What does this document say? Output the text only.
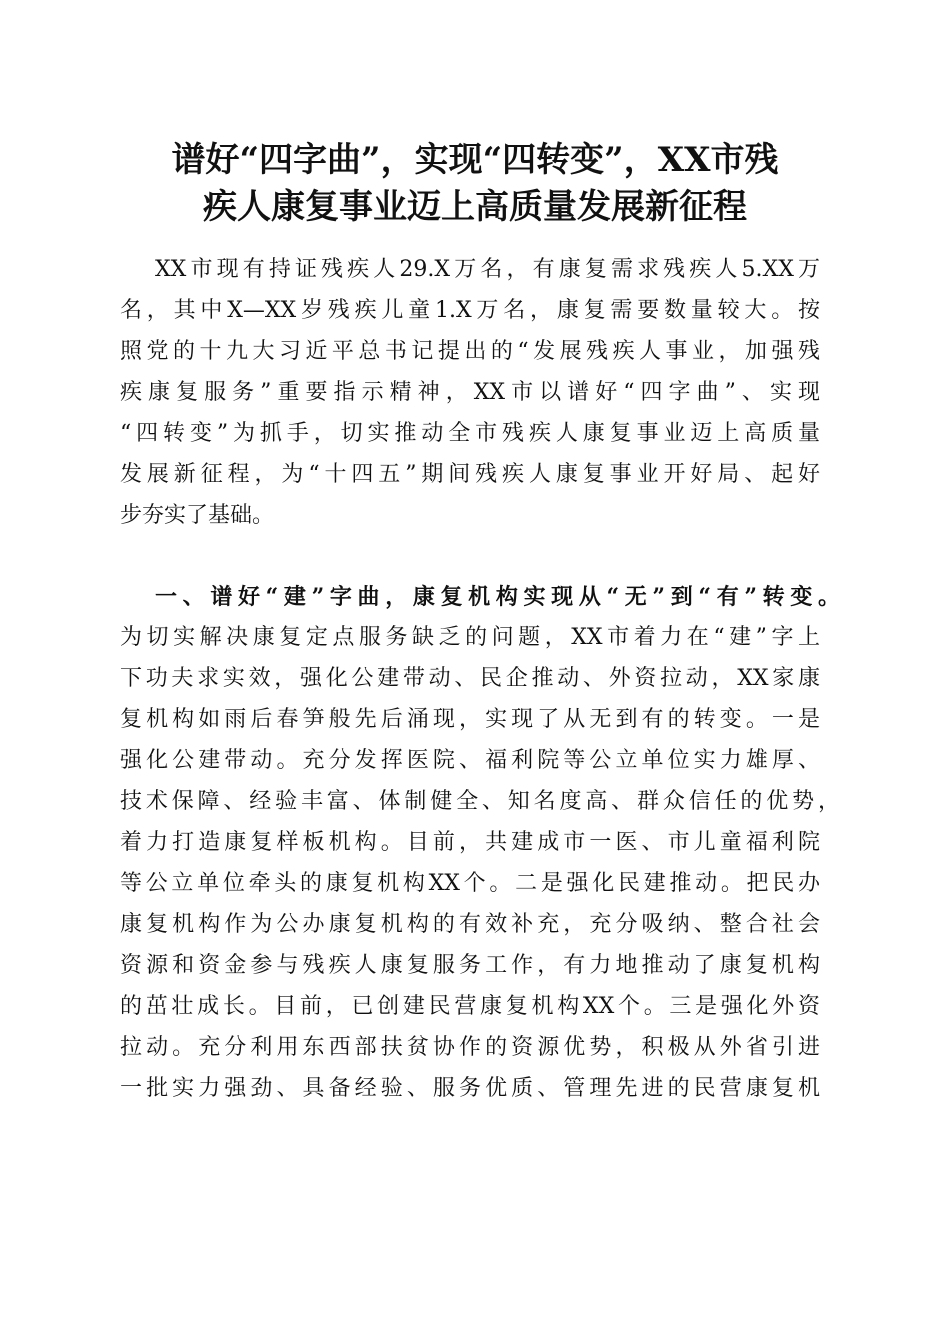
谱好“四字曲”，实现“四转变”，XX市残
疾人康复事业迈上高质量发展新征程
XX市现有持证残疾人29.X万名，有康复需求残疾人5.XX万
名，其中X—XX岁残疾儿童1.X万名，康复需要数量较大。按
照党的十九大习近平总书记提出的“发展残疾人事业，加强残
疾康复服务”重要指示精神，XX市以谱好“四字曲”、实现
“四转变”为抓手，切实推动全市残疾人康复事业迈上高质量
发展新征程，为“十四五”期间残疾人康复事业开好局、起好
步夯实了基础。
一、谱好“建”字曲，康复机构实现从“无”到“有”转变。
为切实解决康复定点服务缺乏的问题，XX市着力在“建”字上
下功夫求实效，强化公建带动、民企推动、外资拉动，XX家康
复机构如雨后春笋般先后涌现，实现了从无到有的转变。一是
强化公建带动。充分发挥医院、福利院等公立单位实力雄厚、
技术保障、经验丰富、体制健全、知名度高、群众信任的优势，
着力打造康复样板机构。目前，共建成市一医、市儿童福利院
等公立单位牵头的康复机构XX个。二是强化民建推动。把民办
康复机构作为公办康复机构的有效补充，充分吸纳、整合社会
资源和资金参与残疾人康复服务工作，有力地推动了康复机构
的茁壮成长。目前，已创建民营康复机构XX个。三是强化外资
拉动。充分利用东西部扶贫协作的资源优势，积极从外省引进
一批实力强劲、具备经验、服务优质、管理先进的民营康复机
